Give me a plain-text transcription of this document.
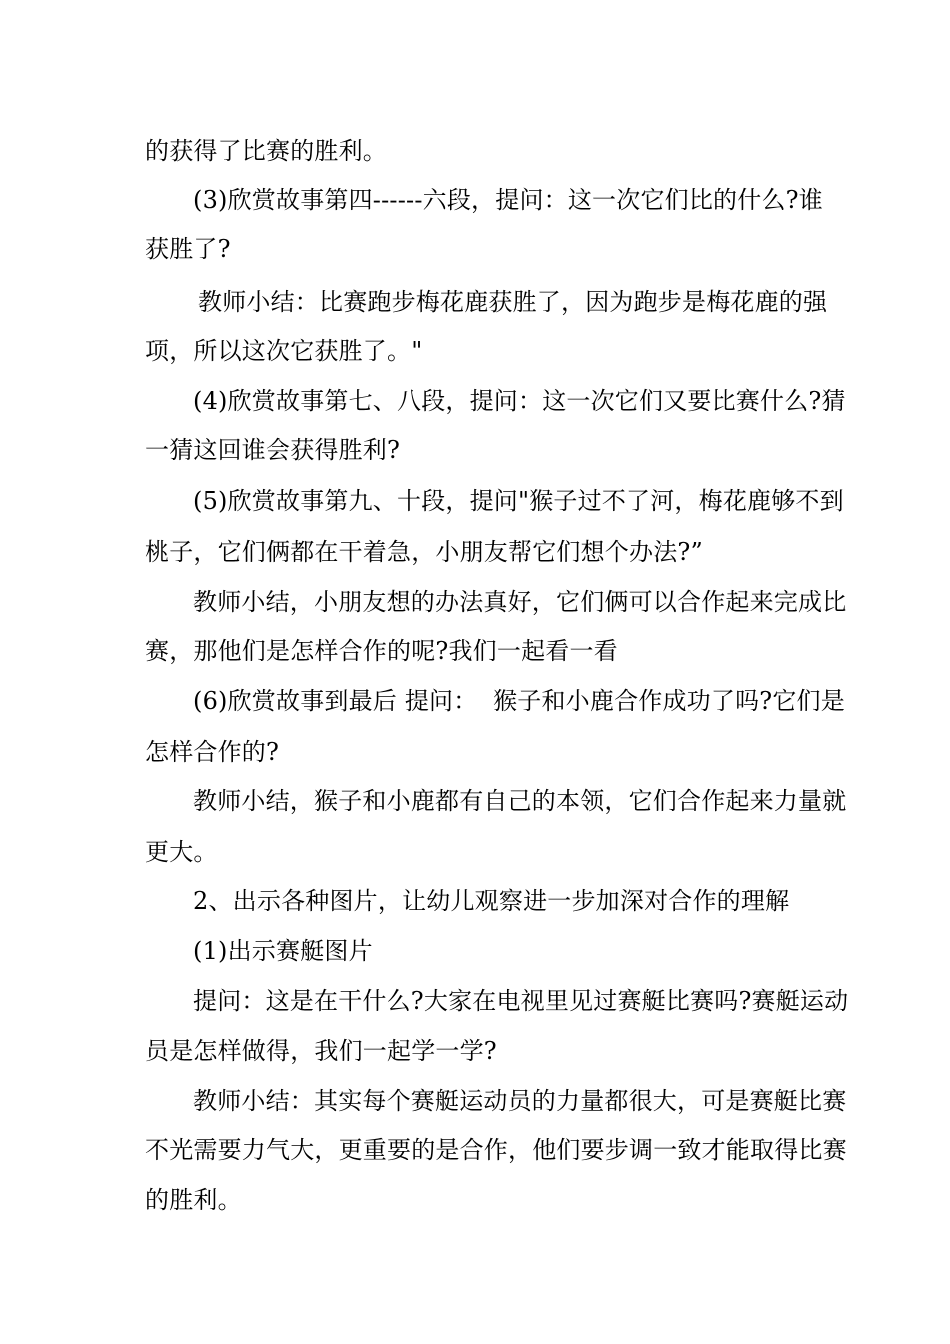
的获得了比赛的胜利。
(3)欣赏故事第四------六段，提问：这一次它们比的什么?谁
获胜了?
教师小结：比赛跑步梅花鹿获胜了，因为跑步是梅花鹿的强
项，所以这次它获胜了。"
(4)欣赏故事第七、八段，提问：这一次它们又要比赛什么?猜
一猜这回谁会获得胜利?
(5)欣赏故事第九、十段，提问"猴子过不了河，梅花鹿够不到
桃子，它们俩都在干着急，小朋友帮它们想个办法?”
教师小结，小朋友想的办法真好，它们俩可以合作起来完成比
赛，那他们是怎样合作的呢?我们一起看一看
(6)欣赏故事到最后 提问：  猴子和小鹿合作成功了吗?它们是
怎样合作的?
教师小结，猴子和小鹿都有自己的本领，它们合作起来力量就
更大。
2、出示各种图片，让幼儿观察进一步加深对合作的理解
(1)出示赛艇图片
提问：这是在干什么?大家在电视里见过赛艇比赛吗?赛艇运动
员是怎样做得，我们一起学一学?
教师小结：其实每个赛艇运动员的力量都很大，可是赛艇比赛
不光需要力气大，更重要的是合作，他们要步调一致才能取得比赛
的胜利。
